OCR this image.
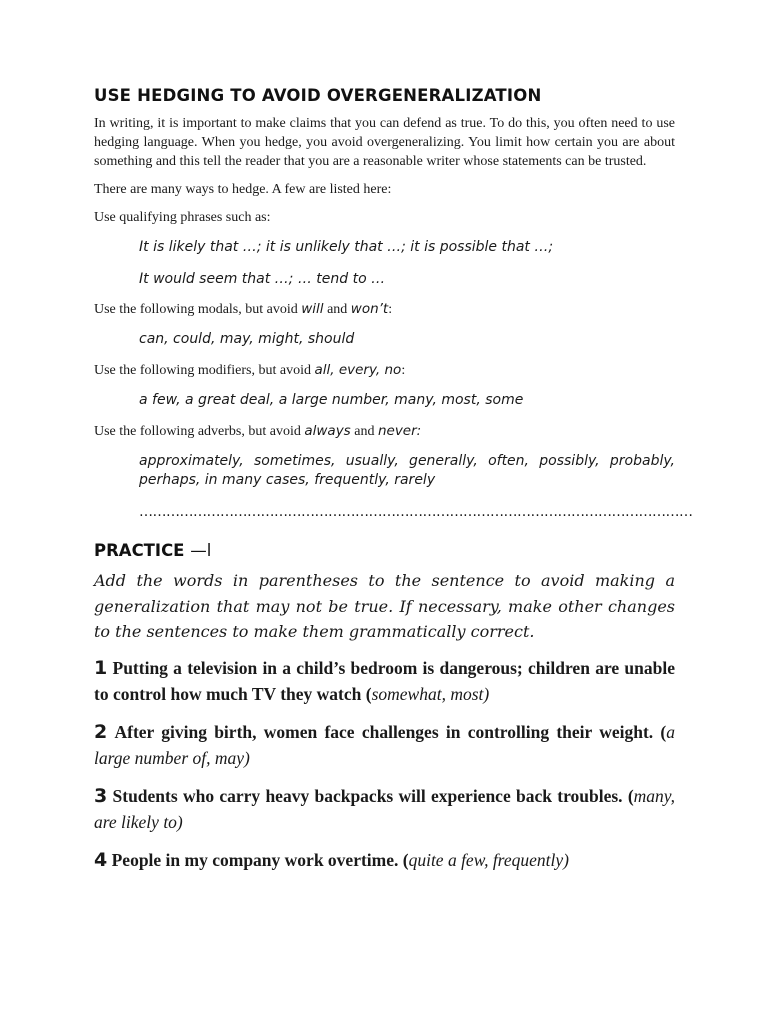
USE HEDGING TO AVOID OVERGENERALIZATION

In writing, it is important to make claims that you can defend as true. To do this, you often need to use hedging language. When you hedge, you avoid overgeneralizing. You limit how certain you are about something and this tell the reader that you are a reasonable writer whose statements can be trusted.

There are many ways to hedge. A few are listed here:

Use qualifying phrases such as:

It is likely that …; it is unlikely that …; it is possible that …;

It would seem that …; … tend to …

Use the following modals, but avoid will and won’t:

can, could, may, might, should

Use the following modifiers, but avoid all, every, no:

a few, a great deal, a large number, many, most, some

Use the following adverbs, but avoid always and never:

approximately, sometimes, usually, generally, often, possibly, probably, perhaps, in many cases, frequently, rarely

……………………………………………………………………………………………………………

PRACTICE —l

Add the words in parentheses to the sentence to avoid making a generalization that may not be true. If necessary, make other changes to the sentences to make them grammatically correct.

1 Putting a television in a child’s bedroom is dangerous; children are unable to control how much TV they watch (somewhat, most)

2 After giving birth, women face challenges in controlling their weight. (a large number of, may)

3 Students who carry heavy backpacks will experience back troubles. (many, are likely to)

4 People in my company work overtime. (quite a few, frequently)
